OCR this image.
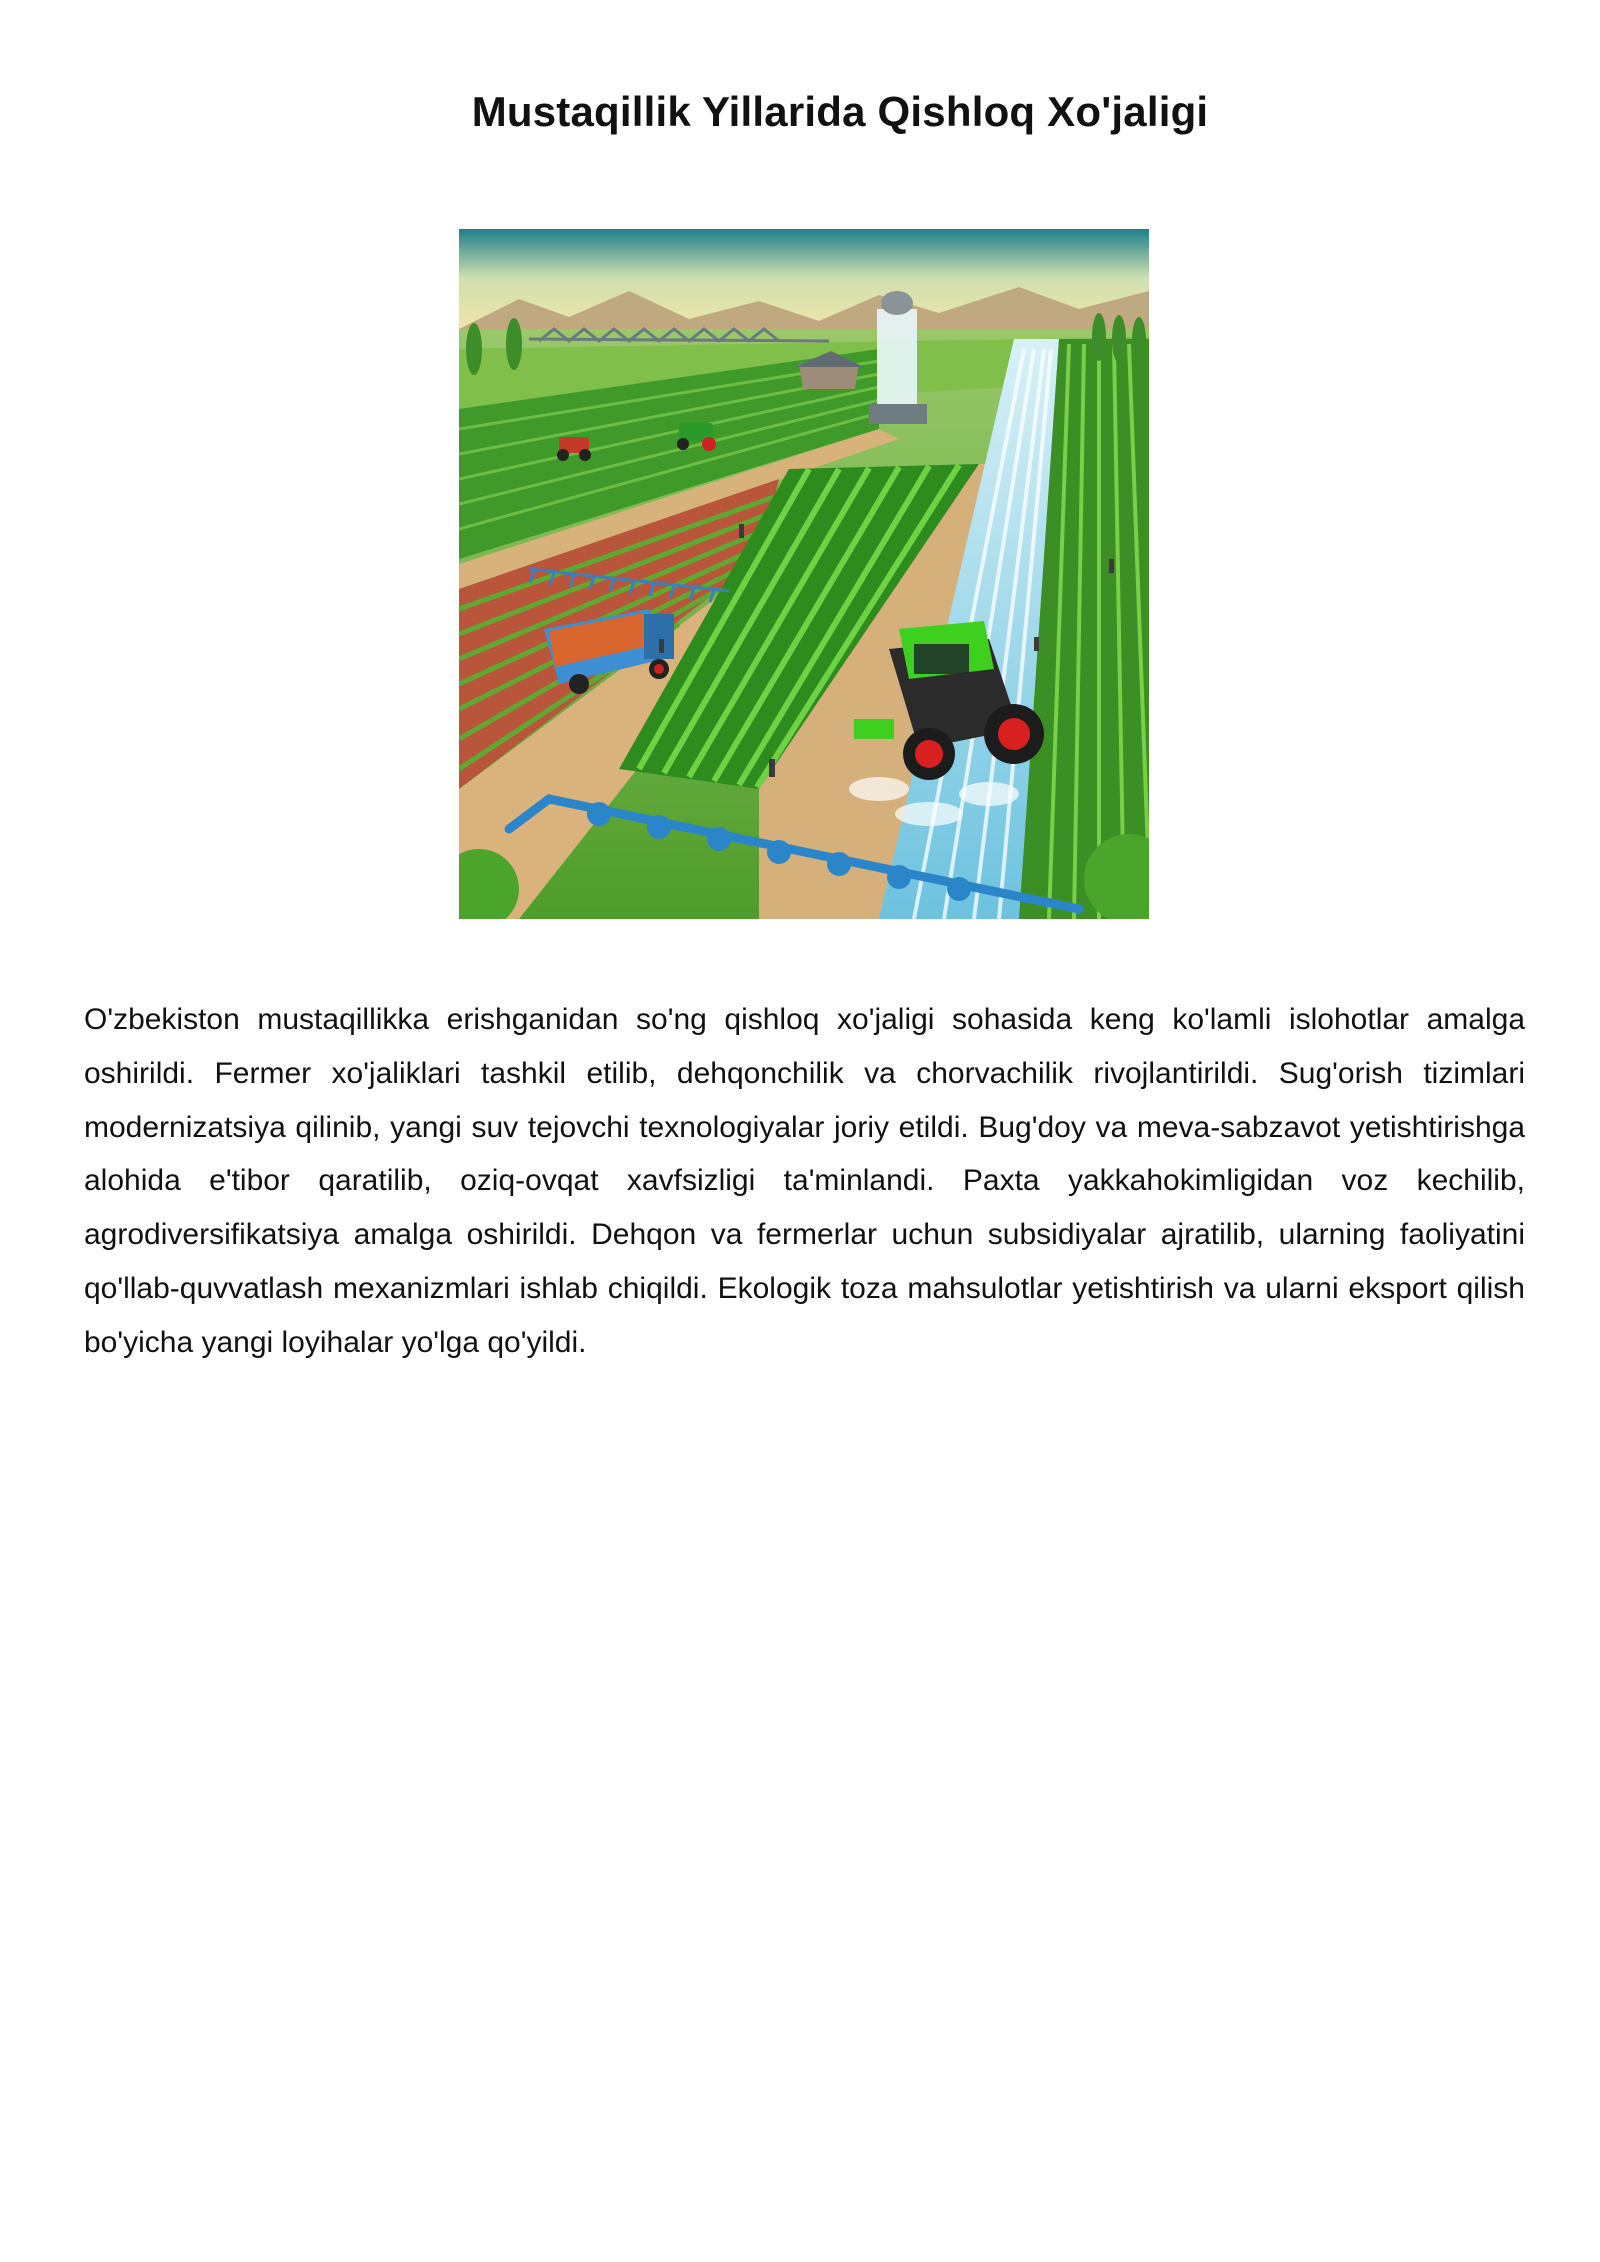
Mustaqillik Yillarida Qishloq Xo'jaligi

O'zbekiston mustaqillikka erishganidan so'ng qishloq xo'jaligi sohasida keng ko'lamli islohotlar amalga oshirildi. Fermer xo'jaliklari tashkil etilib, dehqonchilik va chorvachilik rivojlantirildi. Sug'orish tizimlari modernizatsiya qilinib, yangi suv tejovchi texnologiyalar joriy etildi. Bug'doy va meva-sabzavot yetishtirishga alohida e'tibor qaratilib, oziq-ovqat xavfsizligi ta'minlandi. Paxta yakkahokimligidan voz kechilib, agrodiversifikatsiya amalga oshirildi. Dehqon va fermerlar uchun subsidiyalar ajratilib, ularning faoliyatini qo'llab-quvvatlash mexanizmlari ishlab chiqildi. Ekologik toza mahsulotlar yetishtirish va ularni eksport qilish bo'yicha yangi loyihalar yo'lga qo'yildi.
